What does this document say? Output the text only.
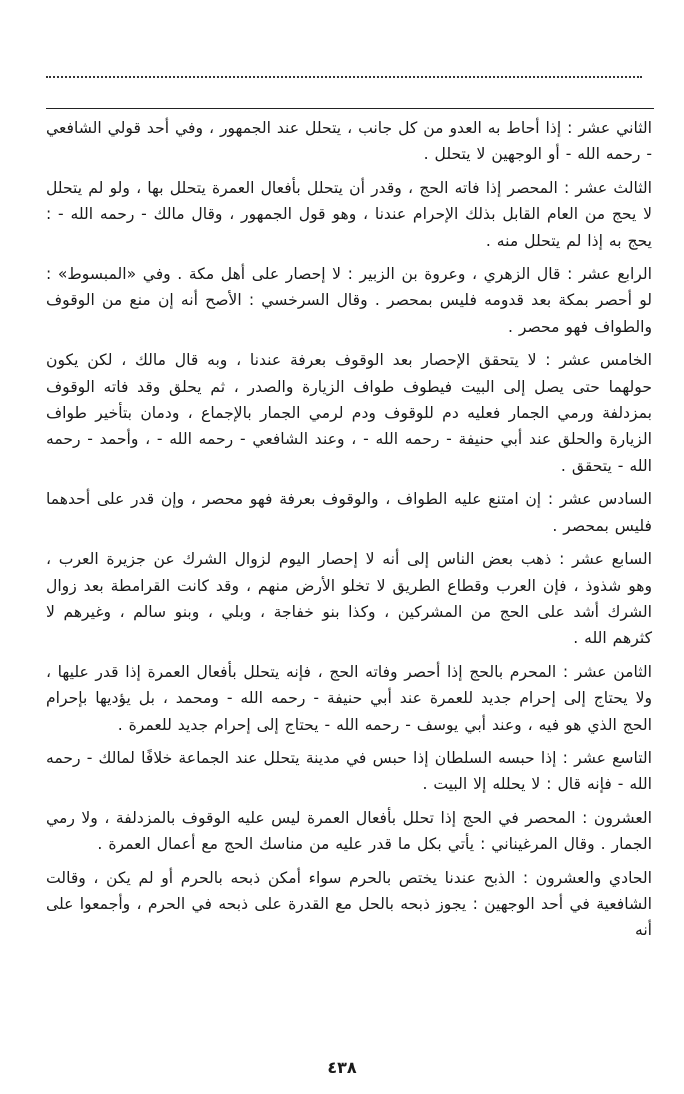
الثاني عشر : إذا أحاط به العدو من كل جانب ، يتحلل عند الجمهور ، وفي أحد قولي الشافعي - رحمه الله - أو الوجهين لا يتحلل .

الثالث عشر : المحصر إذا فاته الحج ، وقدر أن يتحلل بأفعال العمرة يتحلل بها ، ولو لم يتحلل لا يحج من العام القابل بذلك الإحرام عندنا ، وهو قول الجمهور ، وقال مالك - رحمه الله - : يحج به إذا لم يتحلل منه .

الرابع عشر : قال الزهري ، وعروة بن الزبير : لا إحصار على أهل مكة . وفي «المبسوط» : لو أحصر بمكة بعد قدومه فليس بمحصر . وقال السرخسي : الأصح أنه إن منع من الوقوف والطواف فهو محصر .

الخامس عشر : لا يتحقق الإحصار بعد الوقوف بعرفة عندنا ، وبه قال مالك ، لكن يكون حولهما حتى يصل إلى البيت فيطوف طواف الزيارة والصدر ، ثم يحلق وقد فاته الوقوف بمزدلفة ورمي الجمار فعليه دم للوقوف ودم لرمي الجمار بالإجماع ، ودمان بتأخير طواف الزيارة والحلق عند أبي حنيفة - رحمه الله - ، وعند الشافعي - رحمه الله - ، وأحمد - رحمه الله - يتحقق .

السادس عشر : إن امتنع عليه الطواف ، والوقوف بعرفة فهو محصر ، وإن قدر على أحدهما فليس بمحصر .

السابع عشر : ذهب بعض الناس إلى أنه لا إحصار اليوم لزوال الشرك عن جزيرة العرب ، وهو شذوذ ، فإن العرب وقطاع الطريق لا تخلو الأرض منهم ، وقد كانت القرامطة بعد زوال الشرك أشد على الحج من المشركين ، وكذا بنو خفاجة ، وبلي ، وبنو سالم ، وغيرهم لا كثرهم الله .

الثامن عشر : المحرم بالحج إذا أحصر وفاته الحج ، فإنه يتحلل بأفعال العمرة إذا قدر عليها ، ولا يحتاج إلى إحرام جديد للعمرة عند أبي حنيفة - رحمه الله - ومحمد ، بل يؤديها بإحرام الحج الذي هو فيه ، وعند أبي يوسف - رحمه الله - يحتاج إلى إحرام جديد للعمرة .

التاسع عشر : إذا حبسه السلطان إذا حبس في مدينة يتحلل عند الجماعة خلافًا لمالك - رحمه الله - فإنه قال : لا يحلله إلا البيت .

العشرون : المحصر في الحج إذا تحلل بأفعال العمرة ليس عليه الوقوف بالمزدلفة ، ولا رمي الجمار . وقال المرغيناني : يأتي بكل ما قدر عليه من مناسك الحج مع أعمال العمرة .

الحادي والعشرون : الذبح عندنا يختص بالحرم سواء أمكن ذبحه بالحرم أو لم يكن ، وقالت الشافعية في أحد الوجهين : يجوز ذبحه بالحل مع القدرة على ذبحه في الحرم ، وأجمعوا على أنه

٤٣٨
